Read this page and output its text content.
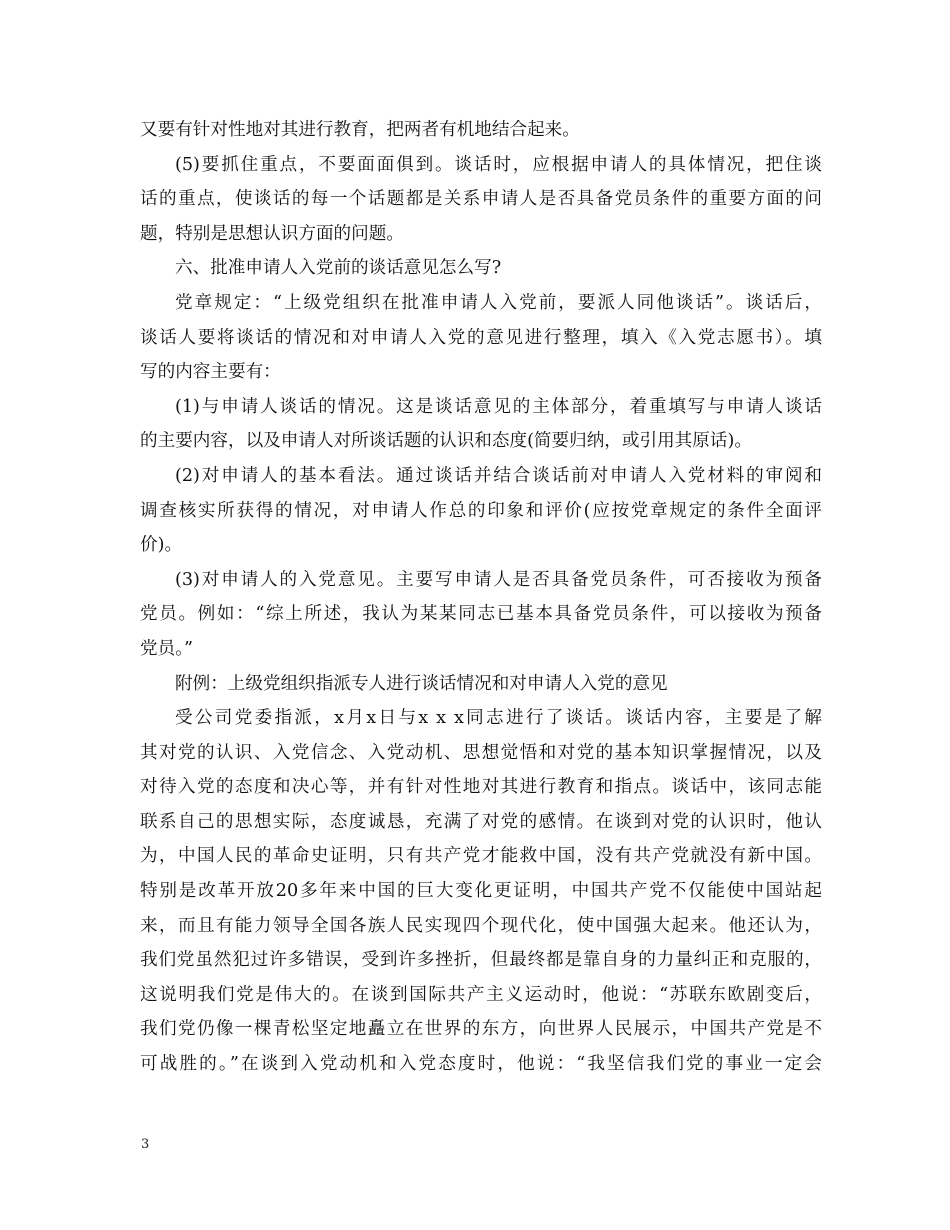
又要有针对性地对其进行教育，把两者有机地结合起来。
(5)要抓住重点，不要面面俱到。谈话时，应根据申请人的具体情况，把住谈
话的重点，使谈话的每一个话题都是关系申请人是否具备党员条件的重要方面的问
题，特别是思想认识方面的问题。
六、批准申请人入党前的谈话意见怎么写?
党章规定：“上级党组织在批准申请人入党前，要派人同他谈话”。谈话后，
谈话人要将谈话的情况和对申请人入党的意见进行整理，填入《入党志愿书）。填
写的内容主要有：
(1)与申请人谈话的情况。这是谈话意见的主体部分，着重填写与申请人谈话
的主要内容，以及申请人对所谈话题的认识和态度(简要归纳，或引用其原话)。
(2)对申请人的基本看法。通过谈话并结合谈话前对申请人入党材料的审阅和
调查核实所获得的情况，对申请人作总的印象和评价(应按党章规定的条件全面评
价)。
(3)对申请人的入党意见。主要写申请人是否具备党员条件，可否接收为预备
党员。例如：“综上所述，我认为某某同志已基本具备党员条件，可以接收为预备
党员。”
附例：上级党组织指派专人进行谈话情况和对申请人入党的意见
受公司党委指派，x月x日与x x x同志进行了谈话。谈话内容，主要是了解
其对党的认识、入党信念、入党动机、思想觉悟和对党的基本知识掌握情况，以及
对待入党的态度和决心等，并有针对性地对其进行教育和指点。谈话中，该同志能
联系自己的思想实际，态度诚恳，充满了对党的感情。在谈到对党的认识时，他认
为，中国人民的革命史证明，只有共产党才能救中国，没有共产党就没有新中国。
特别是改革开放20多年来中国的巨大变化更证明，中国共产党不仅能使中国站起
来，而且有能力领导全国各族人民实现四个现代化，使中国强大起来。他还认为，
我们党虽然犯过许多错误，受到许多挫折，但最终都是靠自身的力量纠正和克服的，
这说明我们党是伟大的。在谈到国际共产主义运动时，他说：“苏联东欧剧变后，
我们党仍像一棵青松坚定地矗立在世界的东方，向世界人民展示，中国共产党是不
可战胜的。”在谈到入党动机和入党态度时，他说：“我坚信我们党的事业一定会
3
